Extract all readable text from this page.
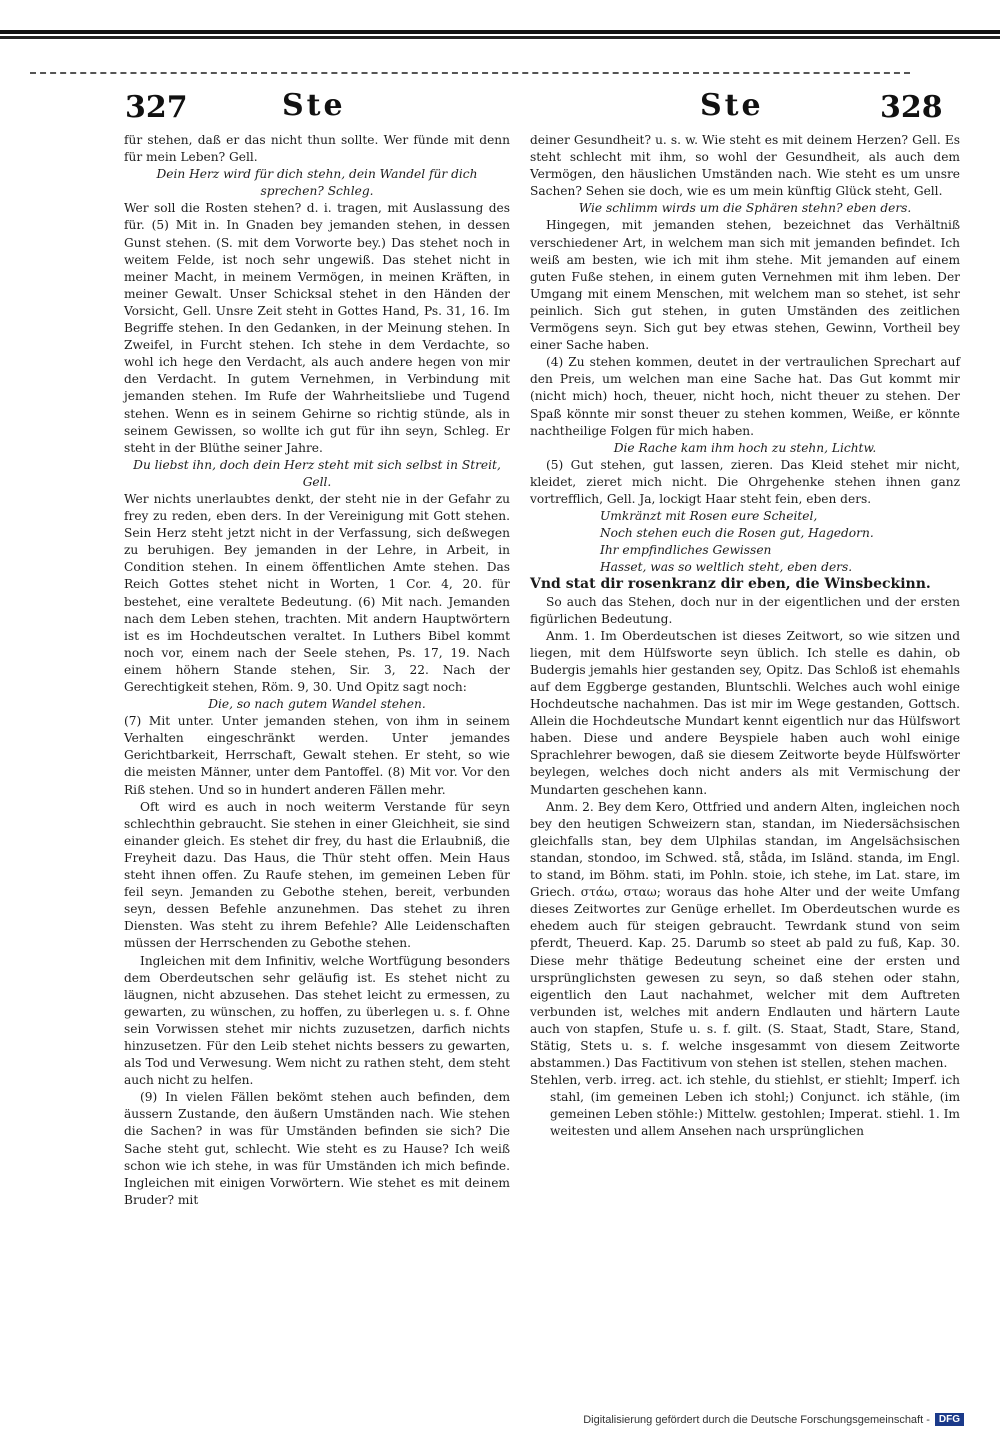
327	Ste	Ste	328

für stehen, daß er das nicht thun sollte. Wer fünde mit denn für mein Leben? Gell.

Dein Herz wird für dich stehn, dein Wandel für dich sprechen? Schleg.

Wer soll die Rosten stehen? d. i. tragen, mit Auslassung des für. (5) Mit in. In Gnaden bey jemanden stehen, in dessen Gunst stehen. (S. mit dem Vorworte bey.) Das stehet noch in weitem Felde, ist noch sehr ungewiß. Das stehet nicht in meiner Macht, in meinem Vermögen, in meinen Kräften, in meiner Gewalt. Unser Schicksal stehet in den Händen der Vorsicht, Gell. Unsre Zeit steht in Gottes Hand, Ps. 31, 16. Im Begriffe stehen. In den Gedanken, in der Meinung stehen. In Zweifel, in Furcht stehen. Ich stehe in dem Verdachte, so wohl ich hege den Verdacht, als auch andere hegen von mir den Verdacht. In gutem Vernehmen, in Verbindung mit jemanden stehen. Im Rufe der Wahrheitsliebe und Tugend stehen. Wenn es in seinem Gehirne so richtig stünde, als in seinem Gewissen, so wollte ich gut für ihn seyn, Schleg. Er steht in der Blüthe seiner Jahre.

Du liebst ihn, doch dein Herz steht mit sich selbst in Streit, Gell.

Wer nichts unerlaubtes denkt, der steht nie in der Gefahr zu frey zu reden, eben ders. In der Vereinigung mit Gott stehen. Sein Herz steht jetzt nicht in der Verfassung, sich deßwegen zu beruhigen. Bey jemanden in der Lehre, in Arbeit, in Condition stehen. In einem öffentlichen Amte stehen. Das Reich Gottes stehet nicht in Worten, 1 Cor. 4, 20. für bestehet, eine veraltete Bedeutung. (6) Mit nach. Jemanden nach dem Leben stehen, trachten. Mit andern Hauptwörtern ist es im Hochdeutschen veraltet. In Luthers Bibel kommt noch vor, einem nach der Seele stehen, Ps. 17, 19. Nach einem höhern Stande stehen, Sir. 3, 22. Nach der Gerechtigkeit stehen, Röm. 9, 30. Und Opitz sagt noch:

Die, so nach gutem Wandel stehen.

(7) Mit unter. Unter jemanden stehen, von ihm in seinem Verhalten eingeschränkt werden. Unter jemandes Gerichtbarkeit, Herrschaft, Gewalt stehen. Er steht, so wie die meisten Männer, unter dem Pantoffel. (8) Mit vor. Vor den Riß stehen. Und so in hundert anderen Fällen mehr.

Oft wird es auch in noch weiterm Verstande für seyn schlechthin gebraucht. Sie stehen in einer Gleichheit, sie sind einander gleich. Es stehet dir frey, du hast die Erlaubniß, die Freyheit dazu. Das Haus, die Thür steht offen. Mein Haus steht ihnen offen. Zu Raufe stehen, im gemeinen Leben für feil seyn. Jemanden zu Gebothe stehen, bereit, verbunden seyn, dessen Befehle anzunehmen. Das stehet zu ihren Diensten. Was steht zu ihrem Befehle? Alle Leidenschaften müssen der Herrschenden zu Gebothe stehen.

Ingleichen mit dem Infinitiv, welche Wortfügung besonders dem Oberdeutschen sehr geläufig ist. Es stehet nicht zu läugnen, nicht abzusehen. Das stehet leicht zu ermessen, zu gewarten, zu wünschen, zu hoffen, zu überlegen u. s. f. Ohne sein Vorwissen stehet mir nichts zuzusetzen, darfich nichts hinzusetzen. Für den Leib stehet nichts bessers zu gewarten, als Tod und Verwesung. Wem nicht zu rathen steht, dem steht auch nicht zu helfen.

(9) In vielen Fällen bekömt stehen auch befinden, dem äussern Zustande, den äußern Umständen nach. Wie stehen die Sachen? in was für Umständen befinden sie sich? Die Sache steht gut, schlecht. Wie steht es zu Hause? Ich weiß schon wie ich stehe, in was für Umständen ich mich befinde. Ingleichen mit einigen Vorwörtern. Wie stehet es mit deinem Bruder? mit

deiner Gesundheit? u. s. w. Wie steht es mit deinem Herzen? Gell. Es steht schlecht mit ihm, so wohl der Gesundheit, als auch dem Vermögen, den häuslichen Umständen nach. Wie steht es um unsre Sachen? Sehen sie doch, wie es um mein künftig Glück steht, Gell.

Wie schlimm wirds um die Sphären stehn? eben ders.

Hingegen, mit jemanden stehen, bezeichnet das Verhältniß verschiedener Art, in welchem man sich mit jemanden befindet. Ich weiß am besten, wie ich mit ihm stehe. Mit jemanden auf einem guten Fuße stehen, in einem guten Vernehmen mit ihm leben. Der Umgang mit einem Menschen, mit welchem man so stehet, ist sehr peinlich. Sich gut stehen, in guten Umständen des zeitlichen Vermögens seyn. Sich gut bey etwas stehen, Gewinn, Vortheil bey einer Sache haben.

(4) Zu stehen kommen, deutet in der vertraulichen Sprechart auf den Preis, um welchen man eine Sache hat. Das Gut kommt mir (nicht mich) hoch, theuer, nicht hoch, nicht theuer zu stehen. Der Spaß könnte mir sonst theuer zu stehen kommen, Weiße, er könnte nachtheilige Folgen für mich haben.

Die Rache kam ihm hoch zu stehn, Lichtw.

(5) Gut stehen, gut lassen, zieren. Das Kleid stehet mir nicht, kleidet, zieret mich nicht. Die Ohrgehenke stehen ihnen ganz vortrefflich, Gell. Ja, lockigt Haar steht fein, eben ders.

Umkränzt mit Rosen eure Scheitel,

Noch stehen euch die Rosen gut, Hagedorn.

Ihr empfindliches Gewissen

Hasset, was so weltlich steht, eben ders.

Vnd stat dir rosenkranz dir eben, die Winsbeckinn.

So auch das Stehen, doch nur in der eigentlichen und der ersten figürlichen Bedeutung.

Anm. 1. Im Oberdeutschen ist dieses Zeitwort, so wie sitzen und liegen, mit dem Hülfsworte seyn üblich. Ich stelle es dahin, ob Budergis jemahls hier gestanden sey, Opitz. Das Schloß ist ehemahls auf dem Eggberge gestanden, Bluntschli. Welches auch wohl einige Hochdeutsche nachahmen. Das ist mir im Wege gestanden, Gottsch. Allein die Hochdeutsche Mundart kennt eigentlich nur das Hülfswort haben. Diese und andere Beyspiele haben auch wohl einige Sprachlehrer bewogen, daß sie diesem Zeitworte beyde Hülfswörter beylegen, welches doch nicht anders als mit Vermischung der Mundarten geschehen kann.

Anm. 2. Bey dem Kero, Ottfried und andern Alten, ingleichen noch bey den heutigen Schweizern stan, standan, im Niedersächsischen gleichfalls stan, bey dem Ulphilas standan, im Angelsächsischen standan, stondoo, im Schwed. stå, ståda, im Isländ. standa, im Engl. to stand, im Böhm. stati, im Pohln. stoie, ich stehe, im Lat. stare, im Griech. στάω, σταω; woraus das hohe Alter und der weite Umfang dieses Zeitwortes zur Genüge erhellet. Im Oberdeutschen wurde es ehedem auch für steigen gebraucht. Tewrdank stund von seim pferdt, Theuerd. Kap. 25. Darumb so steet ab pald zu fuß, Kap. 30. Diese mehr thätige Bedeutung scheinet eine der ersten und ursprünglichsten gewesen zu seyn, so daß stehen oder stahn, eigentlich den Laut nachahmet, welcher mit dem Auftreten verbunden ist, welches mit andern Endlauten und härtern Laute auch von stapfen, Stufe u. s. f. gilt. (S. Staat, Stadt, Stare, Stand, Stätig, Stets u. s. f. welche insgesammt von diesem Zeitworte abstammen.) Das Factitivum von stehen ist stellen, stehen machen.

Stehlen, verb. irreg. act. ich stehle, du stiehlst, er stiehlt; Imperf. ich stahl, (im gemeinen Leben ich stohl;) Conjunct. ich stähle, (im gemeinen Leben stöhle:) Mittelw. gestohlen; Imperat. stiehl. 1. Im weitesten und allem Ansehen nach ursprünglichen

Digitalisierung gefördert durch die Deutsche Forschungsgemeinschaft - DFG
